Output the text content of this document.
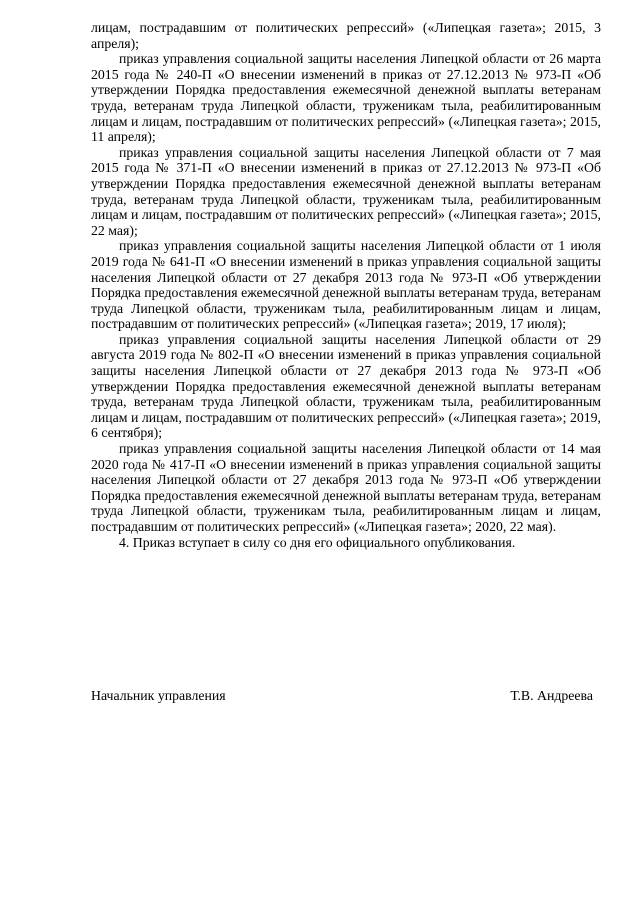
лицам, пострадавшим от политических репрессий» («Липецкая газета»; 2015, 3 апреля);

приказ управления социальной защиты населения Липецкой области от 26 марта 2015 года № 240-П «О внесении изменений в приказ от 27.12.2013 № 973-П «Об утверждении Порядка предоставления ежемесячной денежной выплаты ветеранам труда, ветеранам труда Липецкой области, труженикам тыла, реабилитированным лицам и лицам, пострадавшим от политических репрессий» («Липецкая газета»; 2015, 11 апреля);

приказ управления социальной защиты населения Липецкой области от 7 мая 2015 года № 371-П «О внесении изменений в приказ от 27.12.2013 № 973-П «Об утверждении Порядка предоставления ежемесячной денежной выплаты ветеранам труда, ветеранам труда Липецкой области, труженикам тыла, реабилитированным лицам и лицам, пострадавшим от политических репрессий» («Липецкая газета»; 2015, 22 мая);

приказ управления социальной защиты населения Липецкой области от 1 июля 2019 года № 641-П «О внесении изменений в приказ управления социальной защиты населения Липецкой области от 27 декабря 2013 года № 973-П «Об утверждении Порядка предоставления ежемесячной денежной выплаты ветеранам труда, ветеранам труда Липецкой области, труженикам тыла, реабилитированным лицам и лицам, пострадавшим от политических репрессий» («Липецкая газета»; 2019, 17 июля);

приказ управления социальной защиты населения Липецкой области от 29 августа 2019 года № 802-П «О внесении изменений в приказ управления социальной защиты населения Липецкой области от 27 декабря 2013 года № 973-П «Об утверждении Порядка предоставления ежемесячной денежной выплаты ветеранам труда, ветеранам труда Липецкой области, труженикам тыла, реабилитированным лицам и лицам, пострадавшим от политических репрессий» («Липецкая газета»; 2019, 6 сентября);

приказ управления социальной защиты населения Липецкой области от 14 мая 2020 года № 417-П «О внесении изменений в приказ управления социальной защиты населения Липецкой области от 27 декабря 2013 года № 973-П «Об утверждении Порядка предоставления ежемесячной денежной выплаты ветеранам труда, ветеранам труда Липецкой области, труженикам тыла, реабилитированным лицам и лицам, пострадавшим от политических репрессий» («Липецкая газета»; 2020, 22 мая).

4. Приказ вступает в силу со дня его официального опубликования.

Начальник управления	Т.В. Андреева
